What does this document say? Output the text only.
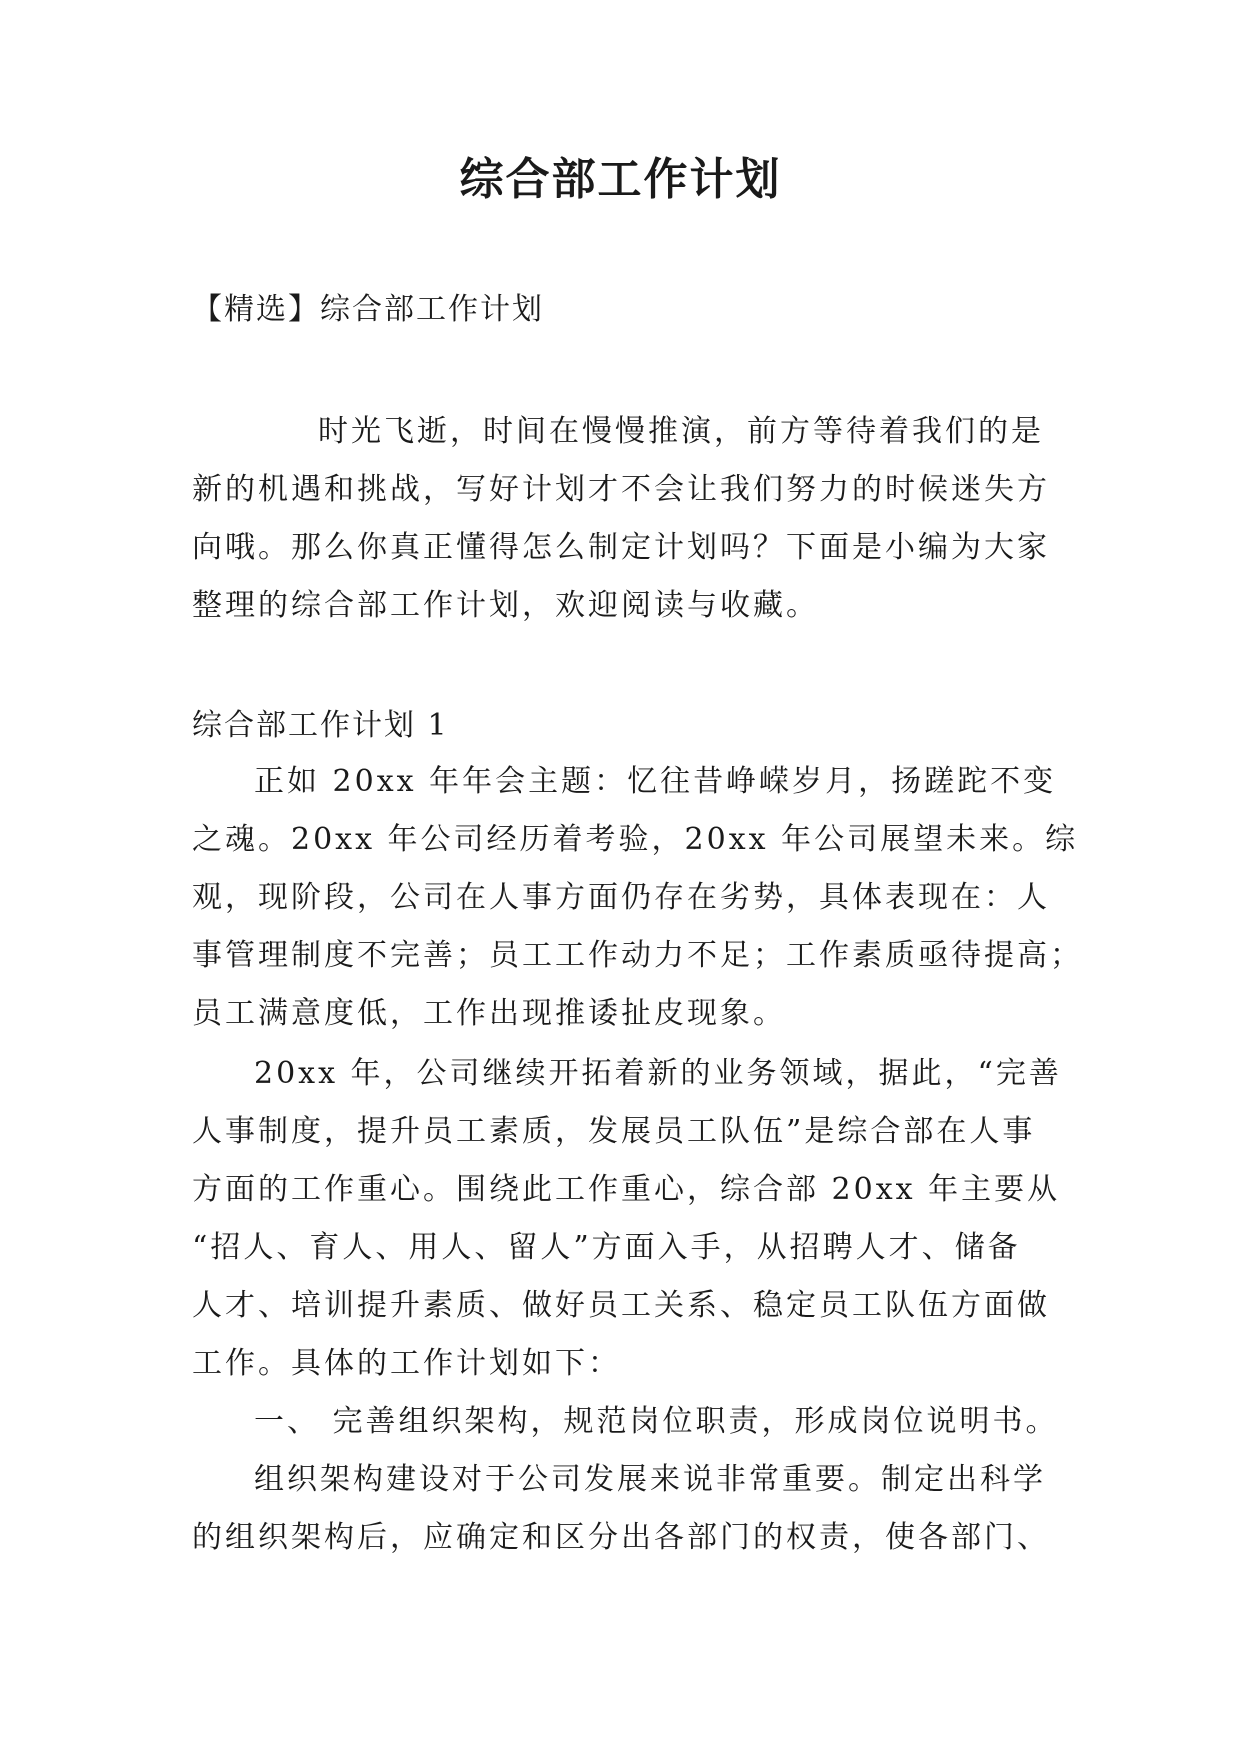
综合部工作计划
【精选】综合部工作计划
时光飞逝，时间在慢慢推演，前方等待着我们的是
新的机遇和挑战，写好计划才不会让我们努力的时候迷失方
向哦。那么你真正懂得怎么制定计划吗？下面是小编为大家
整理的综合部工作计划，欢迎阅读与收藏。
综合部工作计划 1
正如 20xx 年年会主题：忆往昔峥嵘岁月，扬蹉跎不变
之魂。20xx 年公司经历着考验，20xx 年公司展望未来。综
观，现阶段，公司在人事方面仍存在劣势，具体表现在：人
事管理制度不完善；员工工作动力不足；工作素质亟待提高；
员工满意度低，工作出现推诿扯皮现象。
20xx 年，公司继续开拓着新的业务领域，据此，“完善
人事制度，提升员工素质，发展员工队伍”是综合部在人事
方面的工作重心。围绕此工作重心，综合部 20xx 年主要从
“招人、育人、用人、留人”方面入手，从招聘人才、储备
人才、培训提升素质、做好员工关系、稳定员工队伍方面做
工作。具体的工作计划如下：
一、 完善组织架构，规范岗位职责，形成岗位说明书。
组织架构建设对于公司发展来说非常重要。制定出科学
的组织架构后，应确定和区分出各部门的权责，使各部门、
